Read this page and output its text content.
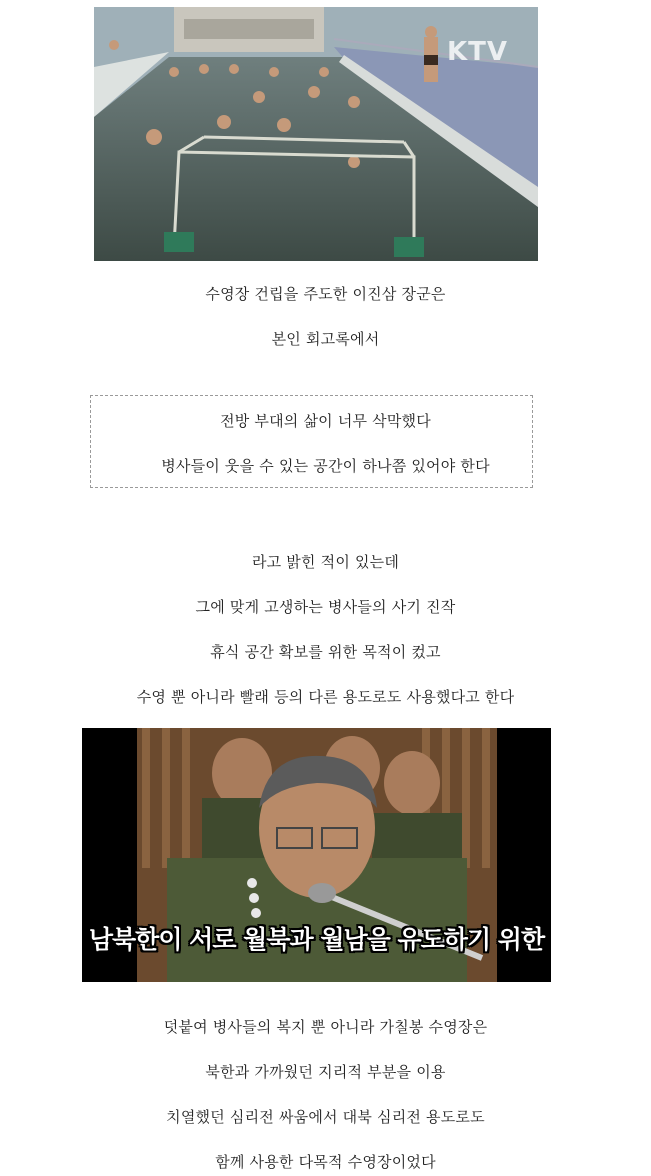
KTV
수영장 건립을 주도한 이진삼 장군은
본인 회고록에서
전방 부대의 삶이 너무 삭막했다
병사들이 웃을 수 있는 공간이 하나쯤 있어야 한다
라고 밝힌 적이 있는데
그에 맞게 고생하는 병사들의 사기 진작
휴식 공간 확보를 위한 목적이 컸고
수영 뿐 아니라 빨래 등의 다른 용도로도 사용했다고 한다
남북한이 서로 월북과 월남을 유도하기 위한
덧붙여 병사들의 복지 뿐 아니라 가칠봉 수영장은
북한과 가까웠던 지리적 부분을 이용
치열했던 심리전 싸움에서 대북 심리전 용도로도
함께 사용한 다목적 수영장이었다
